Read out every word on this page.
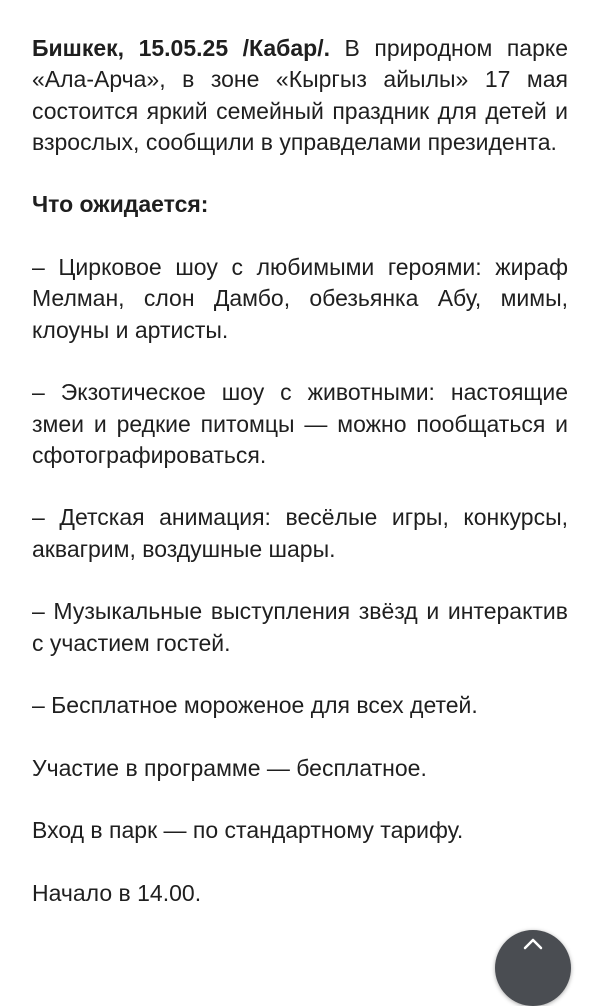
Бишкек, 15.05.25 /Кабар/. В природном парке «Ала-Арча», в зоне «Кыргыз айылы» 17 мая состоится яркий семейный праздник для детей и взрослых, сообщили в управделами президента.

Что ожидается:

– Цирковое шоу с любимыми героями: жираф Мелман, слон Дамбо, обезьянка Абу, мимы, клоуны и артисты.

– Экзотическое шоу с животными: настоящие змеи и редкие питомцы — можно пообщаться и сфотографироваться.

– Детская анимация: весёлые игры, конкурсы, аквагрим, воздушные шары.

– Музыкальные выступления звёзд и интерактив с участием гостей.

– Бесплатное мороженое для всех детей.

Участие в программе — бесплатное.

Вход в парк — по стандартному тарифу.

Начало в 14.00.
